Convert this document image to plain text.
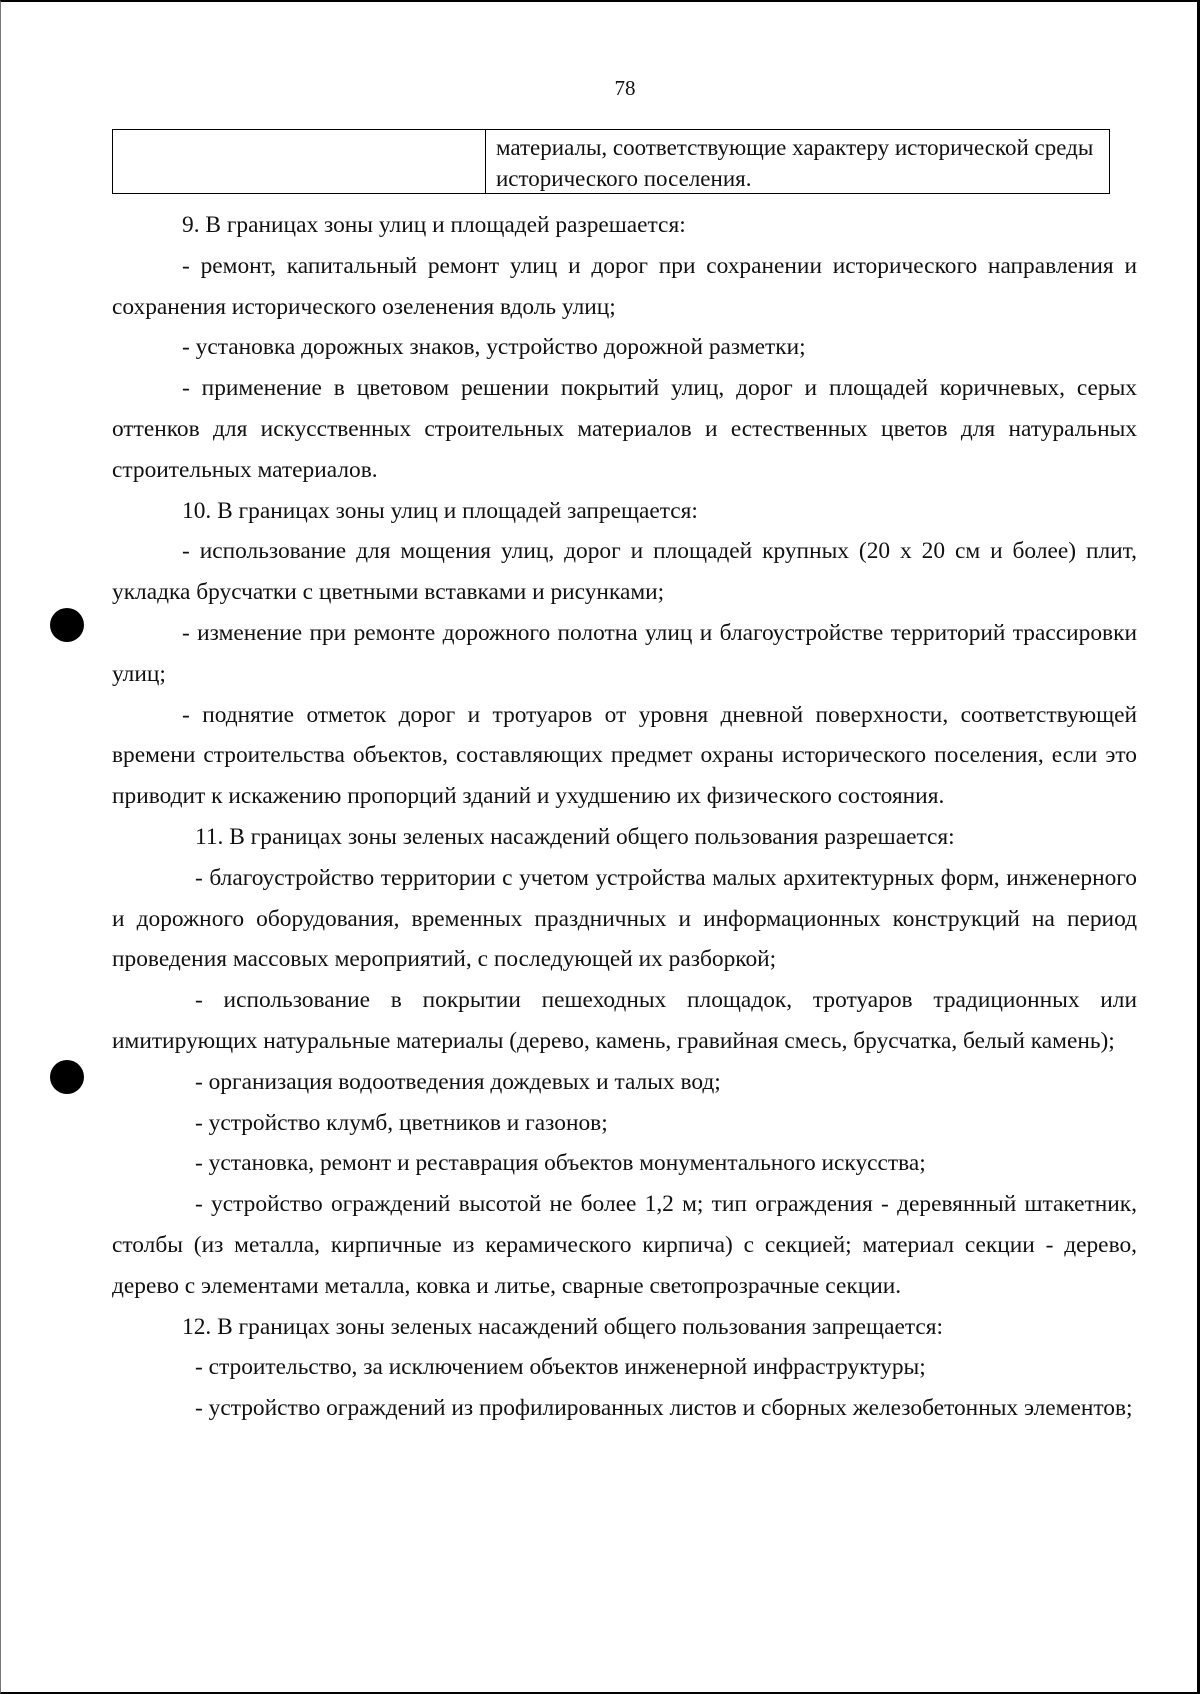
78
материалы, соответствующие характеру исторической среды исторического поселения.

9. В границах зоны улиц и площадей разрешается:

- ремонт, капитальный ремонт улиц и дорог при сохранении исторического направления и сохранения исторического озеленения вдоль улиц;

- установка дорожных знаков, устройство дорожной разметки;

- применение в цветовом решении покрытий улиц, дорог и площадей коричневых, серых оттенков для искусственных строительных материалов и естественных цветов для натуральных строительных материалов.

10. В границах зоны улиц и площадей запрещается:

- использование для мощения улиц, дорог и площадей крупных (20 х 20 см и более) плит, укладка брусчатки с цветными вставками и рисунками;

- изменение при ремонте дорожного полотна улиц и благоустройстве территорий трассировки улиц;

- поднятие отметок дорог и тротуаров от уровня дневной поверхности, соответствующей времени строительства объектов, составляющих предмет охраны исторического поселения, если это приводит к искажению пропорций зданий и ухудшению их физического состояния.

11. В границах зоны зеленых насаждений общего пользования разрешается:

- благоустройство территории с учетом устройства малых архитектурных форм, инженерного и дорожного оборудования, временных праздничных и информационных конструкций на период проведения массовых мероприятий, с последующей их разборкой;

- использование в покрытии пешеходных площадок, тротуаров традиционных или имитирующих натуральные материалы (дерево, камень, гравийная смесь, брусчатка, белый камень);

- организация водоотведения дождевых и талых вод;

- устройство клумб, цветников и газонов;

- установка, ремонт и реставрация объектов монументального искусства;

- устройство ограждений высотой не более 1,2 м; тип ограждения - деревянный штакетник, столбы (из металла, кирпичные из керамического кирпича) с секцией; материал секции - дерево, дерево с элементами металла, ковка и литье, сварные светопрозрачные секции.

12. В границах зоны зеленых насаждений общего пользования запрещается:

- строительство, за исключением объектов инженерной инфраструктуры;

- устройство ограждений из профилированных листов и сборных железобетонных элементов;
